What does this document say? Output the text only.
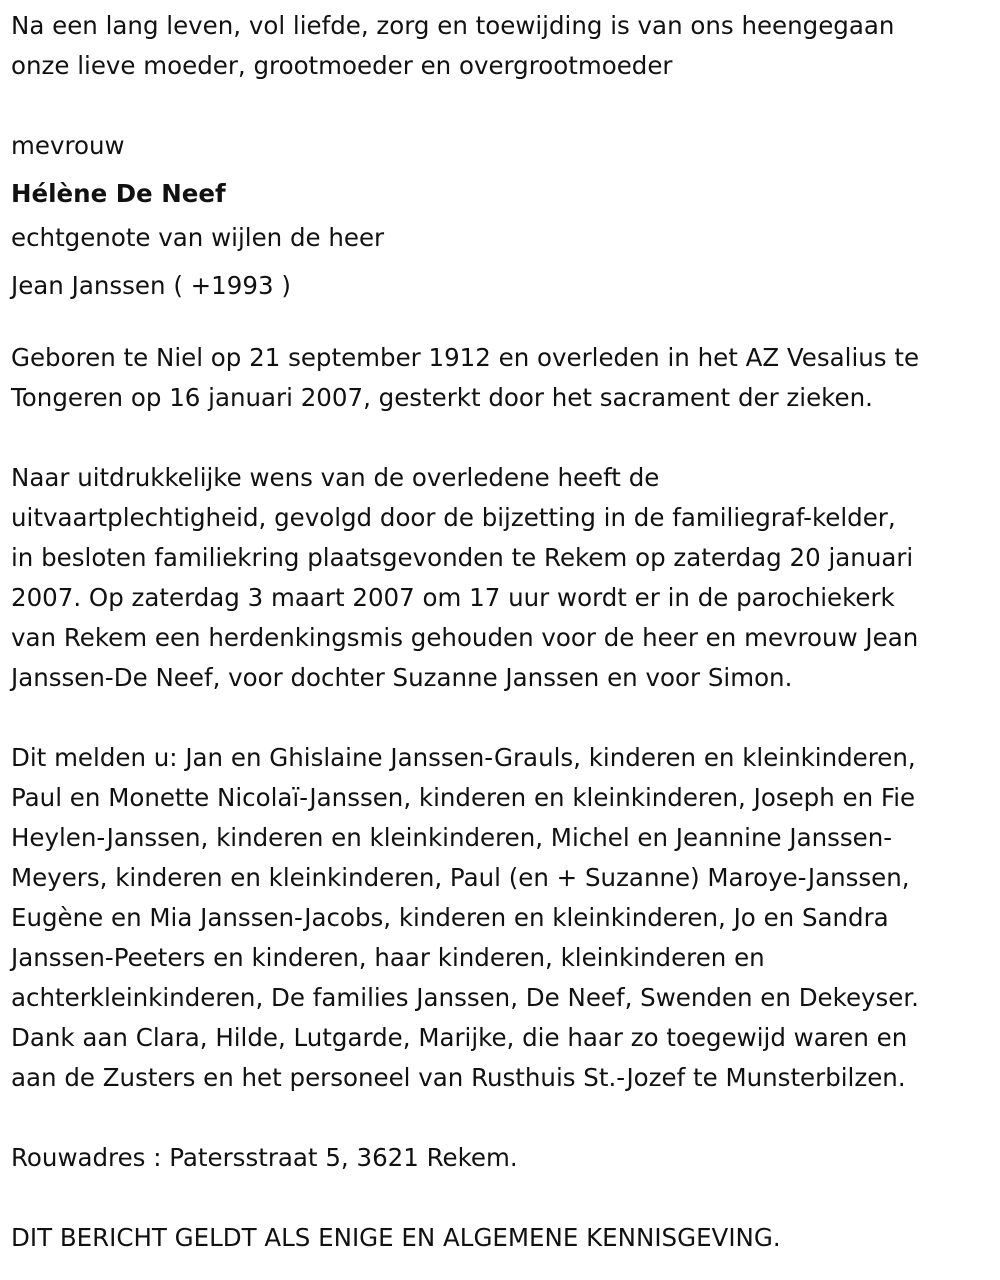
Na een lang leven, vol liefde, zorg en toewijding is van ons heengegaan
onze lieve moeder, grootmoeder en overgrootmoeder

mevrouw
Hélène De Neef
echtgenote van wijlen de heer
Jean Janssen ( +1993 )

Geboren te Niel op 21 september 1912 en overleden in het AZ Vesalius te
Tongeren op 16 januari 2007, gesterkt door het sacrament der zieken.

Naar uitdrukkelijke wens van de overledene heeft de
uitvaartplechtigheid, gevolgd door de bijzetting in de familiegraf-kelder,
in besloten familiekring plaatsgevonden te Rekem op zaterdag 20 januari
2007. Op zaterdag 3 maart 2007 om 17 uur wordt er in de parochiekerk
van Rekem een herdenkingsmis gehouden voor de heer en mevrouw Jean
Janssen-De Neef, voor dochter Suzanne Janssen en voor Simon.

Dit melden u: Jan en Ghislaine Janssen-Grauls, kinderen en kleinkinderen,
Paul en Monette Nicolaï-Janssen, kinderen en kleinkinderen, Joseph en Fie
Heylen-Janssen, kinderen en kleinkinderen, Michel en Jeannine Janssen-
Meyers, kinderen en kleinkinderen, Paul (en + Suzanne) Maroye-Janssen,
Eugène en Mia Janssen-Jacobs, kinderen en kleinkinderen, Jo en Sandra
Janssen-Peeters en kinderen, haar kinderen, kleinkinderen en
achterkleinkinderen, De families Janssen, De Neef, Swenden en Dekeyser.
Dank aan Clara, Hilde, Lutgarde, Marijke, die haar zo toegewijd waren en
aan de Zusters en het personeel van Rusthuis St.-Jozef te Munsterbilzen.

Rouwadres : Patersstraat 5, 3621 Rekem.

DIT BERICHT GELDT ALS ENIGE EN ALGEMENE KENNISGEVING.
